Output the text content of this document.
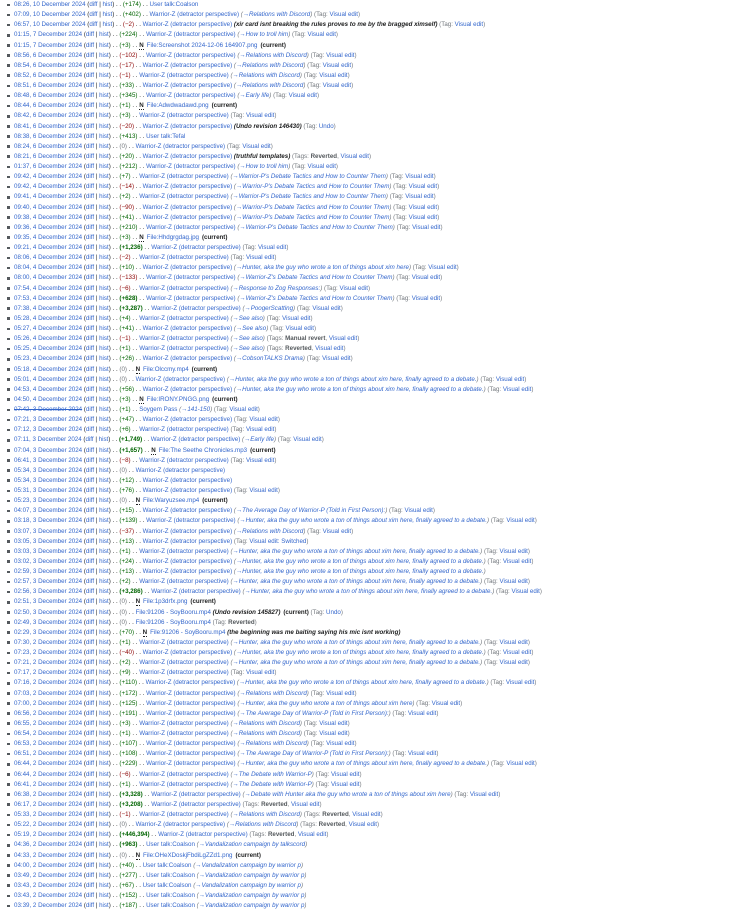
08:26, 10 December 2024 (diff | hist) . . (+174) . . User talk:Coalson
07:09, 10 December 2024 (diff | hist) . . (+402) . . Warrior-Z (detractor perspective) ( →Relations with Discord ) ( Tag: Visual edit )
06:57, 10 December 2024 (diff | hist) . . (−2) . . Warrior-Z (detractor perspective) ( xir card isnt breaking the rules proves to me by the bragged ximself ) ( Tag: Visual edit )
01:15, 7 December 2024 (diff | hist) . . (+224) . . Warrior-Z (detractor perspective) ( →How to troll him ) ( Tag: Visual edit )
01:15, 7 December 2024 (diff | hist) . . (+3) . . N File:Screenshot 2024-12-06 164907.png (current)
08:56, 6 December 2024 (diff | hist) . . (−102) . . Warrior-Z (detractor perspective) ( →Relations with Discord ) ( Tag: Visual edit )
08:54, 6 December 2024 (diff | hist) . . (−17) . . Warrior-Z (detractor perspective) ( →Relations with Discord ) ( Tag: Visual edit )
08:52, 6 December 2024 (diff | hist) . . (−1) . . Warrior-Z (detractor perspective) ( →Relations with Discord ) ( Tag: Visual edit )
08:51, 6 December 2024 (diff | hist) . . (+33) . . Warrior-Z (detractor perspective) ( →Relations with Discord ) ( Tag: Visual edit )
08:48, 6 December 2024 (diff | hist) . . (+345) . . Warrior-Z (detractor perspective) ( →Early life ) ( Tag: Visual edit )
08:44, 6 December 2024 (diff | hist) . . (+1) . . N File:Adwdwadawd.png (current)
08:42, 6 December 2024 (diff | hist) . . (+3) . . Warrior-Z (detractor perspective) ( Tag: Visual edit )
08:41, 6 December 2024 (diff | hist) . . (−20) . . Warrior-Z (detractor perspective) ( Undo revision 146430 ) ( Tag: Undo )
08:38, 6 December 2024 (diff | hist) . . (+413) . . User talk:Tefal
08:24, 6 December 2024 (diff | hist) . . (0) . . Warrior-Z (detractor perspective) ( Tag: Visual edit )
08:21, 6 December 2024 (diff | hist) . . (+20) . . Warrior-Z (detractor perspective) ( truthful templates ) ( Tags: Reverted, Visual edit )
01:37, 6 December 2024 (diff | hist) . . (+212) . . Warrior-Z (detractor perspective) ( →How to troll him ) ( Tag: Visual edit )
09:42, 4 December 2024 (diff | hist) . . (+7) . . Warrior-Z (detractor perspective) ( →Warrior-P's Debate Tactics and How to Counter Them ) ( Tag: Visual edit )
09:42, 4 December 2024 (diff | hist) . . (−14) . . Warrior-Z (detractor perspective) ( →Warrior-P's Debate Tactics and How to Counter Them ) ( Tag: Visual edit )
09:41, 4 December 2024 (diff | hist) . . (+2) . . Warrior-Z (detractor perspective) ( →Warrior-P's Debate Tactics and How to Counter Them ) ( Tag: Visual edit )
09:40, 4 December 2024 (diff | hist) . . (−90) . . Warrior-Z (detractor perspective) ( →Warrior-P's Debate Tactics and How to Counter Them ) ( Tag: Visual edit )
09:38, 4 December 2024 (diff | hist) . . (+41) . . Warrior-Z (detractor perspective) ( →Warrior-P's Debate Tactics and How to Counter Them ) ( Tag: Visual edit )
09:36, 4 December 2024 (diff | hist) . . (+210) . . Warrior-Z (detractor perspective) ( →Warrior-P's Debate Tactics and How to Counter Them ) ( Tag: Visual edit )
09:35, 4 December 2024 (diff | hist) . . (+3) . . N File:Hhdgrgdag.jpg (current)
09:21, 4 December 2024 (diff | hist) . . (+1,236) . . Warrior-Z (detractor perspective) ( Tag: Visual edit )
08:06, 4 December 2024 (diff | hist) . . (−2) . . Warrior-Z (detractor perspective) ( Tag: Visual edit )
08:04, 4 December 2024 (diff | hist) . . (+10) . . Warrior-Z (detractor perspective) ( →Hunter, aka the guy who wrote a ton of things about xim here ) ( Tag: Visual edit )
08:00, 4 December 2024 (diff | hist) . . (−133) . . Warrior-Z (detractor perspective) ( →Warrior-Z's Debate Tactics and How to Counter Them ) ( Tag: Visual edit )
07:54, 4 December 2024 (diff | hist) . . (−6) . . Warrior-Z (detractor perspective) ( →Response to Zog Responses: ) ( Tag: Visual edit )
07:53, 4 December 2024 (diff | hist) . . (+628) . . Warrior-Z (detractor perspective) ( →Warrior-Z's Debate Tactics and How to Counter Them ) ( Tag: Visual edit )
07:38, 4 December 2024 (diff | hist) . . (+3,287) . . Warrior-Z (detractor perspective) ( →PoogerScatting ) ( Tag: Visual edit )
05:28, 4 December 2024 (diff | hist) . . (+4) . . Warrior-Z (detractor perspective) ( →See also ) ( Tag: Visual edit )
05:27, 4 December 2024 (diff | hist) . . (+41) . . Warrior-Z (detractor perspective) ( →See also ) ( Tag: Visual edit )
05:26, 4 December 2024 (diff | hist) . . (−1) . . Warrior-Z (detractor perspective) ( →See also ) ( Tags: Manual revert, Visual edit )
05:25, 4 December 2024 (diff | hist) . . (+1) . . Warrior-Z (detractor perspective) ( →See also ) ( Tags: Reverted, Visual edit )
05:23, 4 December 2024 (diff | hist) . . (+26) . . Warrior-Z (detractor perspective) ( →CobsonTALKS Drama ) ( Tag: Visual edit )
05:18, 4 December 2024 (diff | hist) . . (0) . . N File:Olccmy.mp4 (current)
05:01, 4 December 2024 (diff | hist) . . (0) . . Warrior-Z (detractor perspective) ( →Hunter, aka the guy who wrote a ton of things about xim here, finally agreed to a debate. ) ( Tag: Visual edit )
04:53, 4 December 2024 (diff | hist) . . (+56) . . Warrior-Z (detractor perspective) ( →Hunter, aka the guy who wrote a ton of things about xim here, finally agreed to a debate. ) ( Tag: Visual edit )
04:50, 4 December 2024 (diff | hist) . . (+3) . . N File:IRONY.PNGG.png (current)
07:42, 3 December 2024 (diff | hist) . . (+1) . . Soygem Pass ( →141-150 ) ( Tag: Visual edit )
07:21, 3 December 2024 (diff | hist) . . (+47) . . Warrior-Z (detractor perspective) ( Tag: Visual edit )
07:12, 3 December 2024 (diff | hist) . . (+6) . . Warrior-Z (detractor perspective) ( Tag: Visual edit )
07:11, 3 December 2024 (diff | hist) . . (+1,749) . . Warrior-Z (detractor perspective) ( →Early life ) ( Tag: Visual edit )
07:04, 3 December 2024 (diff | hist) . . (+1,657) . . N File:The Seethe Chronicles.mp3 (current)
06:41, 3 December 2024 (diff | hist) . . (−8) . . Warrior-Z (detractor perspective) ( Tag: Visual edit )
05:34, 3 December 2024 (diff | hist) . . (0) . . Warrior-Z (detractor perspective)
05:34, 3 December 2024 (diff | hist) . . (+12) . . Warrior-Z (detractor perspective)
05:31, 3 December 2024 (diff | hist) . . (+76) . . Warrior-Z (detractor perspective) ( Tag: Visual edit )
05:23, 3 December 2024 (diff | hist) . . (0) . . N File:Waryuzsee.mp4 (current)
04:07, 3 December 2024 (diff | hist) . . (+15) . . Warrior-Z (detractor perspective) ( →The Average Day of Warrior-P (Told in First Person): ) ( Tag: Visual edit )
03:18, 3 December 2024 (diff | hist) . . (+139) . . Warrior-Z (detractor perspective) ( →Hunter, aka the guy who wrote a ton of things about xim here, finally agreed to a debate. ) ( Tag: Visual edit )
03:07, 3 December 2024 (diff | hist) . . (−37) . . Warrior-Z (detractor perspective) ( →Relations with Discord ) ( Tag: Visual edit )
03:05, 3 December 2024 (diff | hist) . . (+13) . . Warrior-Z (detractor perspective) ( Tag: Visual edit: Switched )
03:03, 3 December 2024 (diff | hist) . . (+1) . . Warrior-Z (detractor perspective) ( →Hunter, aka the guy who wrote a ton of things about xim here, finally agreed to a debate. ) ( Tag: Visual edit )
03:02, 3 December 2024 (diff | hist) . . (+24) . . Warrior-Z (detractor perspective) ( →Hunter, aka the guy who wrote a ton of things about xim here, finally agreed to a debate. ) ( Tag: Visual edit )
02:59, 3 December 2024 (diff | hist) . . (+13) . . Warrior-Z (detractor perspective) ( →Hunter, aka the guy who wrote a ton of things about xim here, finally agreed to a debate. )
02:57, 3 December 2024 (diff | hist) . . (+2) . . Warrior-Z (detractor perspective) ( →Hunter, aka the guy who wrote a ton of things about xim here, finally agreed to a debate. ) ( Tag: Visual edit )
02:56, 3 December 2024 (diff | hist) . . (+3,286) . . Warrior-Z (detractor perspective) ( →Hunter, aka the guy who wrote a ton of things about xim here, finally agreed to a debate. ) ( Tag: Visual edit )
02:51, 3 December 2024 (diff | hist) . . (0) . . N File:1p3drfx.png (current)
02:50, 3 December 2024 (diff | hist) . . (0) . . File:91206 - SoyBooru.mp4 ( Undo revision 145827 ) (current) ( Tag: Undo )
02:49, 3 December 2024 (diff | hist) . . (0) . . File:91206 - SoyBooru.mp4 ( Tag: Reverted )
02:29, 3 December 2024 (diff | hist) . . (+70) . . N File:91206 - SoyBooru.mp4 ( the beginning was me baiting saying his mic isnt working )
07:30, 2 December 2024 (diff | hist) . . (+1) . . Warrior-Z (detractor perspective) ( →Hunter, aka the guy who wrote a ton of things about xim here, finally agreed to a debate. ) ( Tag: Visual edit )
07:23, 2 December 2024 (diff | hist) . . (−40) . . Warrior-Z (detractor perspective) ( →Hunter, aka the guy who wrote a ton of things about xim here, finally agreed to a debate. ) ( Tag: Visual edit )
07:21, 2 December 2024 (diff | hist) . . (+2) . . Warrior-Z (detractor perspective) ( →Hunter, aka the guy who wrote a ton of things about xim here, finally agreed to a debate. ) ( Tag: Visual edit )
07:17, 2 December 2024 (diff | hist) . . (+9) . . Warrior-Z (detractor perspective) ( Tag: Visual edit )
07:16, 2 December 2024 (diff | hist) . . (+110) . . Warrior-Z (detractor perspective) ( →Hunter, aka the guy who wrote a ton of things about xim here, finally agreed to a debate. ) ( Tag: Visual edit )
07:03, 2 December 2024 (diff | hist) . . (+172) . . Warrior-Z (detractor perspective) ( →Relations with Discord ) ( Tag: Visual edit )
07:00, 2 December 2024 (diff | hist) . . (+125) . . Warrior-Z (detractor perspective) ( →Hunter, aka the guy who wrote a ton of things about xim here ) ( Tag: Visual edit )
06:56, 2 December 2024 (diff | hist) . . (+191) . . Warrior-Z (detractor perspective) ( →The Average Day of Warrior-P (Told in First Person): ) ( Tag: Visual edit )
06:55, 2 December 2024 (diff | hist) . . (+3) . . Warrior-Z (detractor perspective) ( →Relations with Discord ) ( Tag: Visual edit )
06:54, 2 December 2024 (diff | hist) . . (+1) . . Warrior-Z (detractor perspective) ( →Relations with Discord ) ( Tag: Visual edit )
06:53, 2 December 2024 (diff | hist) . . (+107) . . Warrior-Z (detractor perspective) ( →Relations with Discord ) ( Tag: Visual edit )
06:51, 2 December 2024 (diff | hist) . . (+108) . . Warrior-Z (detractor perspective) ( →The Average Day of Warrior-P (Told in First Person): ) ( Tag: Visual edit )
06:44, 2 December 2024 (diff | hist) . . (+229) . . Warrior-Z (detractor perspective) ( →Hunter, aka the guy who wrote a ton of things about xim here, finally agreed to a debate. ) ( Tag: Visual edit )
06:44, 2 December 2024 (diff | hist) . . (−6) . . Warrior-Z (detractor perspective) ( →The Debate with Warrior-P ) ( Tag: Visual edit )
06:41, 2 December 2024 (diff | hist) . . (+1) . . Warrior-Z (detractor perspective) ( →The Debate with Warrior-P ) ( Tag: Visual edit )
06:38, 2 December 2024 (diff | hist) . . (+3,328) . . Warrior-Z (detractor perspective) ( →Debate with Hunter aka the guy who wrote a ton of things about xim here ) ( Tag: Visual edit )
06:17, 2 December 2024 (diff | hist) . . (+3,208) . . Warrior-Z (detractor perspective) ( Tags: Reverted, Visual edit )
05:33, 2 December 2024 (diff | hist) . . (−1) . . Warrior-Z (detractor perspective) ( →Relations with Discord ) ( Tags: Reverted, Visual edit )
05:22, 2 December 2024 (diff | hist) . . (0) . . Warrior-Z (detractor perspective) ( →Relations with Discord ) ( Tags: Reverted, Visual edit )
05:19, 2 December 2024 (diff | hist) . . (+446,394) . . Warrior-Z (detractor perspective) ( Tags: Reverted, Visual edit )
04:36, 2 December 2024 (diff | hist) . . (+963) . . User talk:Coalson ( →Vandalization campaign by talkscord )
04:33, 2 December 2024 (diff | hist) . . (0) . . N File:OHeXDoskjFbdiLgZZd1.png (current)
04:00, 2 December 2024 (diff | hist) . . (+40) . . User talk:Coalson ( →Vandalization campaign by warrior p )
03:49, 2 December 2024 (diff | hist) . . (+277) . . User talk:Coalson ( →Vandalization campaign by warrior p )
03:43, 2 December 2024 (diff | hist) . . (+67) . . User talk:Coalson ( →Vandalization campaign by warrior p )
03:43, 2 December 2024 (diff | hist) . . (+152) . . User talk:Coalson ( →Vandalization campaign by warrior p )
03:39, 2 December 2024 (diff | hist) . . (+187) . . User talk:Coalson ( →Vandalization campaign by warrior p )
